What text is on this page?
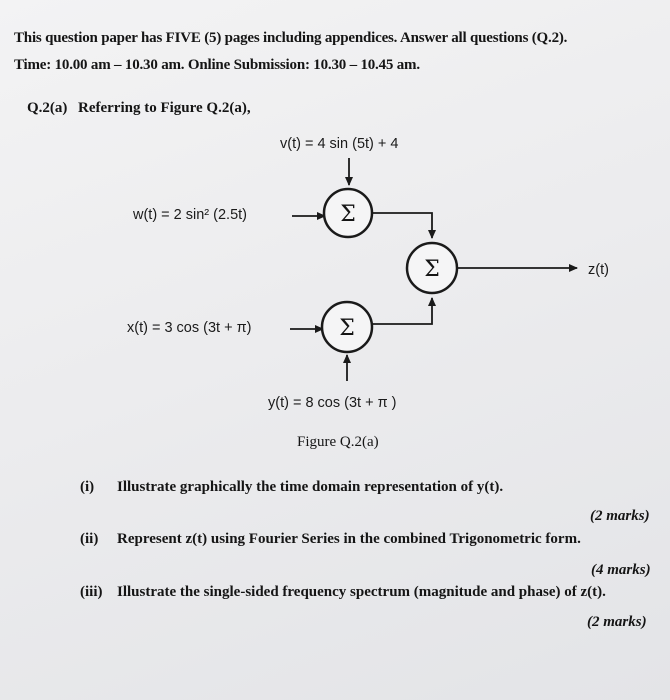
This question paper has FIVE (5) pages including appendices. Answer all questions (Q.2).
Time: 10.00 am – 10.30 am. Online Submission: 10.30 – 10.45 am.
Q.2(a) Referring to Figure Q.2(a),
Σ
Σ
Σ
v(t) = 4 sin (5t) + 4
w(t) = 2 sin² (2.5t)
x(t) = 3 cos (3t + π)
y(t) = 8 cos (3t + π )
z(t)
Figure Q.2(a)
(i) Illustrate graphically the time domain representation of y(t).
(2 marks)
(ii) Represent z(t) using Fourier Series in the combined Trigonometric form.
(4 marks)
(iii) Illustrate the single-sided frequency spectrum (magnitude and phase) of z(t).
(2 marks)
